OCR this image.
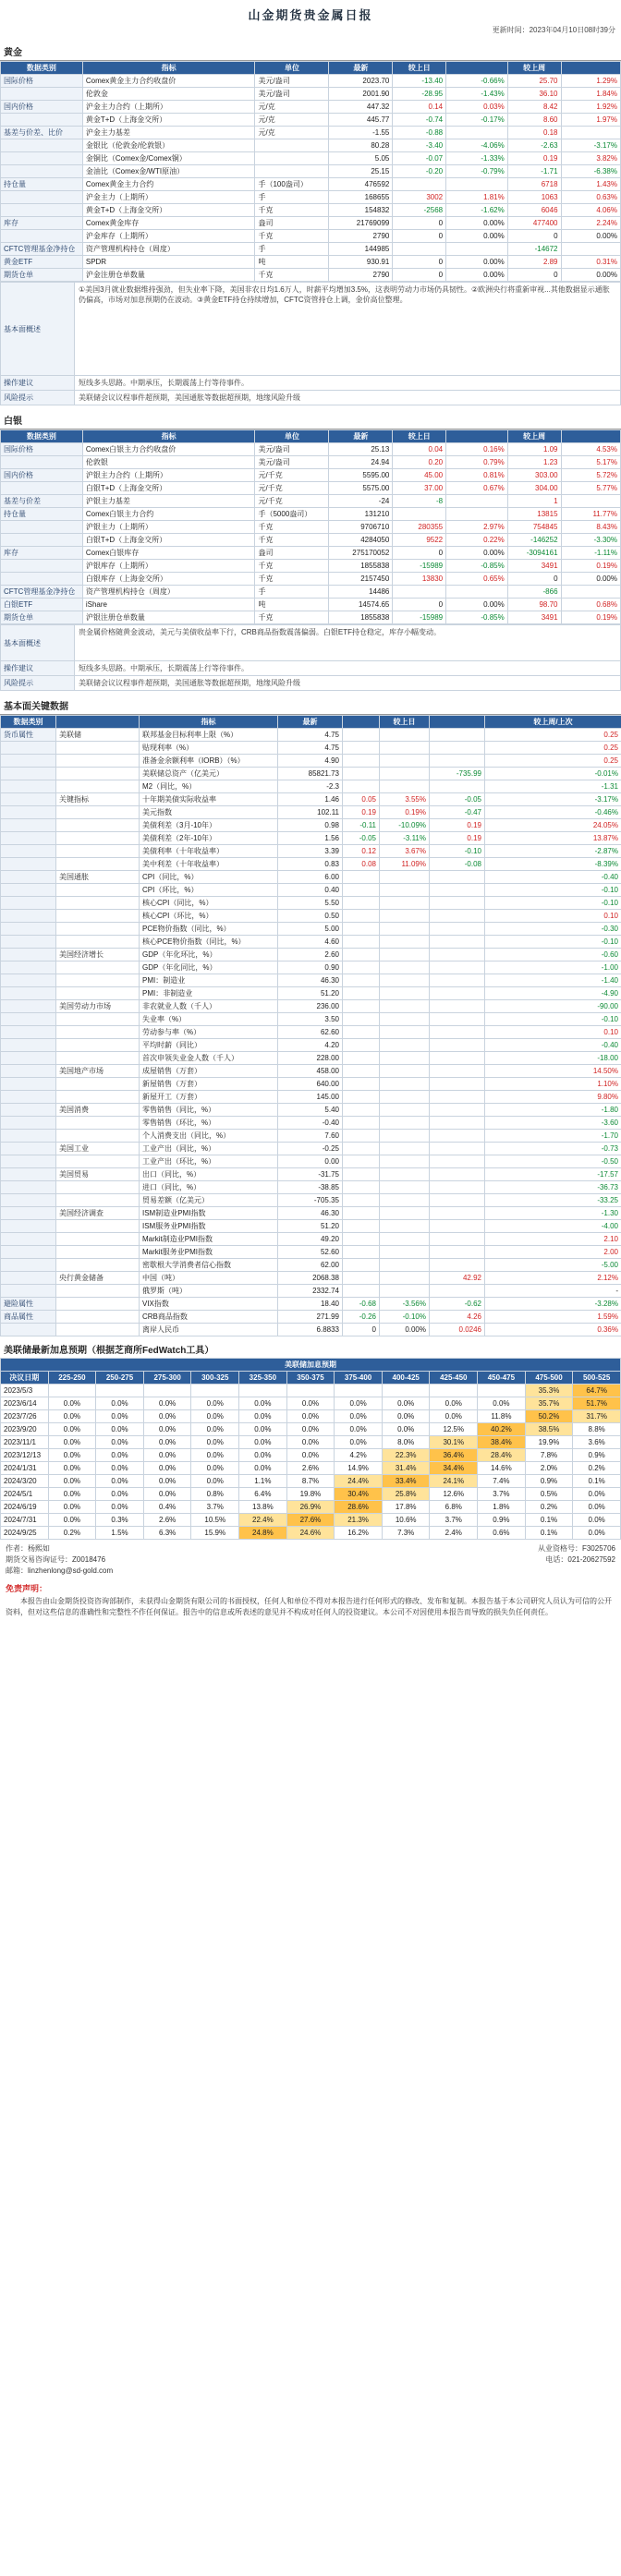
山金期货贵金属日报
更新时间：2023年04月10日08时39分
黄金
数据类别	指标	单位	最新	较上日		较上周	
国际价格	Comex黄金主力合约收盘价	美元/盎司	2023.70	-13.40	-0.66%	25.70	1.29%
	伦敦金	美元/盎司	2001.90	-28.95	-1.43%	36.10	1.84%
国内价格	沪金主力合约（上期所）	元/克	447.32	0.14	0.03%	8.42	1.92%
	黄金T+D（上海金交所）	元/克	445.77	-0.74	-0.17%	8.60	1.97%
基差与价差、比价	沪金主力基差	元/克	-1.55	-0.88		0.18	
	金银比（伦敦金/伦敦银）		80.28	-3.40	-4.06%	-2.63	-3.17%
	金铜比（Comex金/Comex铜）		5.05	-0.07	-1.33%	0.19	3.82%
	金油比（Comex金/WTI原油）		25.15	-0.20	-0.79%	-1.71	-6.38%
持仓量	Comex黄金主力合约	手（100盎司）	476592			6718	1.43%
	沪金主力（上期所）	手	168655	3002	1.81%	1063	0.63%
	黄金T+D（上海金交所）	千克	154832	-2568	-1.62%	6046	4.06%
库存	Comex黄金库存	盎司	21769099	0	0.00%	477400	2.24%
	沪金库存（上期所）	千克	2790	0	0.00%	0	0.00%
CFTC管理基金净持仓	资产管理机构持仓（周度）	手	144985			-14672	
黄金ETF	SPDR	吨	930.91	0	0.00%	2.89	0.31%
期货仓单	沪金注册仓单数量	千克	2790	0	0.00%	0	0.00%
基本面概述	①美国3月就业数据维持强劲，但失业率下降，美国非农日均1.6万人，时薪平均增加3.5%，这表明劳动力市场仍具韧性。②欧洲央行将重新审视...其他数据显示通胀仍偏高，市场对加息预期仍在波动。③黄金ETF持仓持续增加，CFTC资管持仓上调，金价高位整理。
操作建议	短线多头思路。中期承压，长期震荡上行等待事件。
风险提示	美联储会议议程事件超预期，美国通胀等数据超预期，地缘风险升级
白银
数据类别	指标	单位	最新	较上日		较上周	
国际价格	Comex白银主力合约收盘价	美元/盎司	25.13	0.04	0.16%	1.09	4.53%
	伦敦银	美元/盎司	24.94	0.20	0.79%	1.23	5.17%
国内价格	沪银主力合约（上期所）	元/千克	5595.00	45.00	0.81%	303.00	5.72%
	白银T+D（上海金交所）	元/千克	5575.00	37.00	0.67%	304.00	5.77%
基差与价差	沪银主力基差	元/千克	-24	-8		1	
持仓量	Comex白银主力合约	手（5000盎司）	131210			13815	11.77%
	沪银主力（上期所）	千克	9706710	280355	2.97%	754845	8.43%
	白银T+D（上海金交所）	千克	4284050	9522	0.22%	-146252	-3.30%
库存	Comex白银库存	盎司	275170052	0	0.00%	-3094161	-1.11%
	沪银库存（上期所）	千克	1855838	-15989	-0.85%	3491	0.19%
	白银库存（上海金交所）	千克	2157450	13830	0.65%	0	0.00%
CFTC管理基金净持仓	资产管理机构持仓（周度）	手	14486			-866	
白银ETF	iShare	吨	14574.65	0	0.00%	98.70	0.68%
期货仓单	沪银注册仓单数量	千克	1855838	-15989	-0.85%	3491	0.19%
基本面概述	贵金属价格随黄金波动，美元与美债收益率下行，CRB商品指数震荡偏弱。白银ETF持仓稳定，库存小幅变动。
操作建议	短线多头思路。中期承压，长期震荡上行等待事件。
风险提示	美联储会议议程事件超预期，美国通胀等数据超预期，地缘风险升级
基本面关键数据
数据类别		指标	最新		较上日		较上周/上次
货币属性	美联储	联邦基金目标利率上限（%）	4.75				0.25
		贴现利率（%）	4.75				0.25
		准备金余额利率（IORB）（%）	4.90				0.25
		美联储总资产（亿美元）	85821.73			-735.99	-0.01%
		M2（同比，%）	-2.3				-1.31
	关键指标	十年期美债实际收益率	1.46	0.05	3.55%	-0.05	-3.17%
		美元指数	102.11	0.19	0.19%	-0.47	-0.46%
		美债利差（3月-10年）	0.98	-0.11	-10.09%	0.19	24.05%
		美债利差（2年-10年）	1.56	-0.05	-3.11%	0.19	13.87%
		美债利率（十年收益率）	3.39	0.12	3.67%	-0.10	-2.87%
		美中利差（十年收益率）	0.83	0.08	11.09%	-0.08	-8.39%
	美国通胀	CPI（同比，%）	6.00				-0.40
		CPI（环比，%）	0.40				-0.10
		核心CPI（同比，%）	5.50				-0.10
		核心CPI（环比，%）	0.50				0.10
		PCE物价指数（同比，%）	5.00				-0.30
		核心PCE物价指数（同比，%）	4.60				-0.10
	美国经济增长	GDP（年化环比，%）	2.60				-0.60
		GDP（年化同比，%）	0.90				-1.00
		PMI：制造业	46.30				-1.40
		PMI：非制造业	51.20				-4.90
	美国劳动力市场	非农就业人数（千人）	236.00				-90.00
		失业率（%）	3.50				-0.10
		劳动参与率（%）	62.60				0.10
		平均时薪（同比）	4.20				-0.40
		首次申领失业金人数（千人）	228.00				-18.00
	美国地产市场	成屋销售（万套）	458.00				14.50%
		新屋销售（万套）	640.00				1.10%
		新屋开工（万套）	145.00				9.80%
	美国消费	零售销售（同比，%）	5.40				-1.80
		零售销售（环比，%）	-0.40				-3.60
		个人消费支出（同比，%）	7.60				-1.70
	美国工业	工业产出（同比，%）	-0.25				-0.73
		工业产出（环比，%）	0.00				-0.50
	美国贸易	出口（同比，%）	-31.75				-17.57
		进口（同比，%）	-38.85				-36.73
		贸易差额（亿美元）	-705.35				-33.25
	美国经济调查	ISM制造业PMI指数	46.30				-1.30
		ISM服务业PMI指数	51.20				-4.00
		Markit制造业PMI指数	49.20				2.10
		Markit服务业PMI指数	52.60				2.00
		密歇根大学消费者信心指数	62.00				-5.00
	央行黄金储备	中国（吨）	2068.38			42.92	2.12%
		俄罗斯（吨）	2332.74				-
避险属性		VIX指数	18.40	-0.68	-3.56%	-0.62	-3.28%
商品属性		CRB商品指数	271.99	-0.26	-0.10%	4.26	1.59%
		离岸人民币	6.8833	0	0.00%	0.0246	0.36%
美联储最新加息预期（根据芝商所FedWatch工具）
美联储加息预期												
决议日期	225-250	250-275	275-300	300-325	325-350	350-375	375-400	400-425	425-450	450-475	475-500	500-525
2023/5/3											35.3%	64.7%
2023/6/14	0.0%	0.0%	0.0%	0.0%	0.0%	0.0%	0.0%	0.0%	0.0%	0.0%	35.7%	51.7%
2023/7/26	0.0%	0.0%	0.0%	0.0%	0.0%	0.0%	0.0%	0.0%	0.0%	11.8%	50.2%	31.7%
2023/9/20	0.0%	0.0%	0.0%	0.0%	0.0%	0.0%	0.0%	0.0%	12.5%	40.2%	38.5%	8.8%
2023/11/1	0.0%	0.0%	0.0%	0.0%	0.0%	0.0%	0.0%	8.0%	30.1%	38.4%	19.9%	3.6%
2023/12/13	0.0%	0.0%	0.0%	0.0%	0.0%	0.0%	4.2%	22.3%	36.4%	28.4%	7.8%	0.9%
2024/1/31	0.0%	0.0%	0.0%	0.0%	0.0%	2.6%	14.9%	31.4%	34.4%	14.6%	2.0%	0.2%
2024/3/20	0.0%	0.0%	0.0%	0.0%	1.1%	8.7%	24.4%	33.4%	24.1%	7.4%	0.9%	0.1%
2024/5/1	0.0%	0.0%	0.0%	0.8%	6.4%	19.8%	30.4%	25.8%	12.6%	3.7%	0.5%	0.0%
2024/6/19	0.0%	0.0%	0.4%	3.7%	13.8%	26.9%	28.6%	17.8%	6.8%	1.8%	0.2%	0.0%
2024/7/31	0.0%	0.3%	2.6%	10.5%	22.4%	27.6%	21.3%	10.6%	3.7%	0.9%	0.1%	0.0%
2024/9/25	0.2%	1.5%	6.3%	15.9%	24.8%	24.6%	16.2%	7.3%	2.4%	0.6%	0.1%	0.0%
作者：杨熙如	从业资格号：F3025706
期货交易咨询证号：Z0018476	电话：021-20627592
邮箱：linzhenlong@sd-gold.com
免责声明：
本报告由山金期货投资咨询部制作，未获得山金期货有限公司的书面授权，任何人和单位不得对本报告进行任何形式的修改、发布和复制。本报告基于本公司研究人员认为可信的公开资料，但对这些信息的准确性和完整性不作任何保证。报告中的信息或所表述的意见并不构成对任何人的投资建议。本公司不对因使用本报告而导致的损失负任何责任。
